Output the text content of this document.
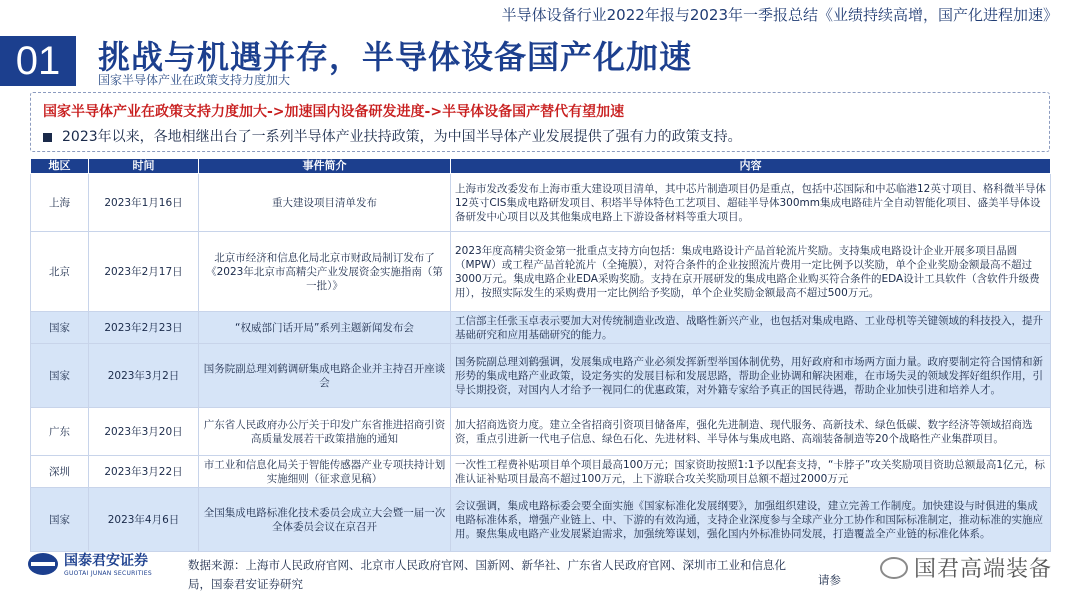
半导体设备行业2022年报与2023年一季报总结《业绩持续高增，国产化进程加速》
01	挑战与机遇并存，半导体设备国产化加速
国家半导体产业在政策支持力度加大
国家半导体产业在政策支持力度加大->加速国内设备研发进度->半导体设备国产替代有望加速
2023年以来，各地相继出台了一系列半导体产业扶持政策，为中国半导体产业发展提供了强有力的政策支持。
地区	时间	事件简介	内容
上海	2023年1月16日	重大建设项目清单发布	上海市发改委发布上海市重大建设项目清单，其中芯片制造项目仍是重点，包括中芯国际和中芯临港12英寸项目、格科微半导体12英寸CIS集成电路研发项目、积塔半导体特色工艺项目、超硅半导体300mm集成电路硅片全自动智能化项目、盛美半导体设备研发中心项目以及其他集成电路上下游设备材料等重大项目。
北京	2023年2月17日	北京市经济和信息化局北京市财政局制订发布了《2023年北京市高精尖产业发展资金实施指南（第一批）》	2023年度高精尖资金第一批重点支持方向包括：集成电路设计产品首轮流片奖励。支持集成电路设计企业开展多项目晶圆（MPW）或工程产品首轮流片（全掩膜），对符合条件的企业按照流片费用一定比例予以奖励，单个企业奖励金额最高不超过3000万元。集成电路企业EDA采购奖励。支持在京开展研发的集成电路企业购买符合条件的EDA设计工具软件（含软件升级费用），按照实际发生的采购费用一定比例给予奖励，单个企业奖励金额最高不超过500万元。
国家	2023年2月23日	“权威部门话开局”系列主题新闻发布会	工信部主任张玉卓表示要加大对传统制造业改造、战略性新兴产业，也包括对集成电路、工业母机等关键领域的科技投入，提升基础研究和应用基础研究的能力。
国家	2023年3月2日	国务院副总理刘鹤调研集成电路企业并主持召开座谈会	国务院副总理刘鹤强调，发展集成电路产业必须发挥新型举国体制优势，用好政府和市场两方面力量。政府要制定符合国情和新形势的集成电路产业政策，设定务实的发展目标和发展思路，帮助企业协调和解决困难，在市场失灵的领域发挥好组织作用，引导长期投资，对国内人才给予一视同仁的优惠政策，对外籍专家给予真正的国民待遇，帮助企业加快引进和培养人才。
广东	2023年3月20日	广东省人民政府办公厅关于印发广东省推进招商引资高质量发展若干政策措施的通知	加大招商选资力度。建立全省招商引资项目储备库，强化先进制造、现代服务、高新技术、绿色低碳、数字经济等领域招商选资，重点引进新一代电子信息、绿色石化、先进材料、半导体与集成电路、高端装备制造等20个战略性产业集群项目。
深圳	2023年3月22日	市工业和信息化局关于智能传感器产业专项扶持计划实施细则（征求意见稿）	一次性工程费补贴项目单个项目最高100万元；国家资助按照1:1予以配套支持，“卡脖子”攻关奖励项目资助总额最高1亿元，标准认证补贴项目最高不超过100万元，上下游联合攻关奖励项目总额不超过2000万元
国家	2023年4月6日	全国集成电路标准化技术委员会成立大会暨一届一次全体委员会议在京召开	会议强调，集成电路标委会要全面实施《国家标准化发展纲要》，加强组织建设，建立完善工作制度。加快建设与时俱进的集成电路标准体系，增强产业链上、中、下游的有效沟通，支持企业深度参与全球产业分工协作和国际标准制定，推动标准的实施应用。聚焦集成电路产业发展紧迫需求，加强统筹谋划，强化国内外标准协同发展，打造覆盖全产业链的标准化体系。
国泰君安证券
GUOTAI JUNAN SECURITIES
数据来源：上海市人民政府官网、北京市人民政府官网、国新网、新华社、广东省人民政府官网、深圳市工业和信息化局，国泰君安证券研究	请参	国君高端装备
